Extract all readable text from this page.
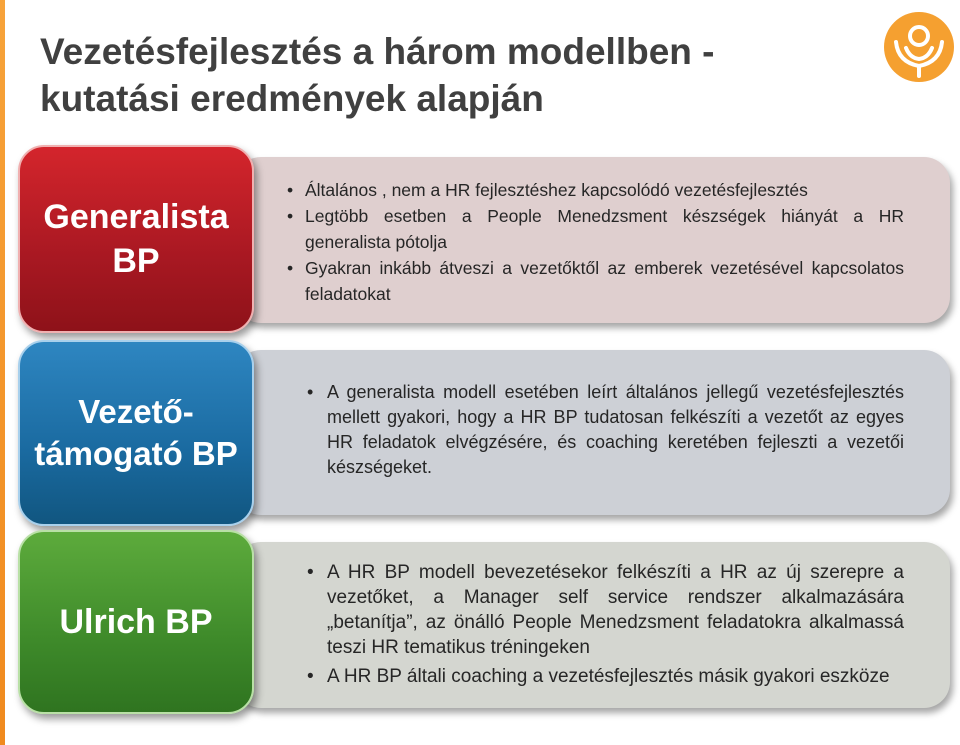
Vezetésfejlesztés a három modellben - kutatási eredmények alapján
• Általános , nem a HR fejlesztéshez kapcsolódó vezetésfejlesztés
• Legtöbb esetben a People Menedzsment készségek hiányát a HR generalista pótolja
• Gyakran inkább átveszi a vezetőktől az emberek vezetésével kapcsolatos feladatokat
Generalista BP
• A generalista modell esetében leírt általános jellegű vezetésfejlesztés mellett gyakori, hogy a HR BP tudatosan felkészíti a vezetőt az egyes HR feladatok elvégzésére, és coaching keretében fejleszti a vezetői készségeket.
Vezető-támogató BP
• A HR BP modell bevezetésekor felkészíti a HR az új szerepre a vezetőket, a Manager self service rendszer alkalmazására „betanítja”, az önálló People Menedzsment feladatokra alkalmassá teszi HR tematikus tréningeken
• A HR BP általi coaching a vezetésfejlesztés másik gyakori eszköze
Ulrich BP
